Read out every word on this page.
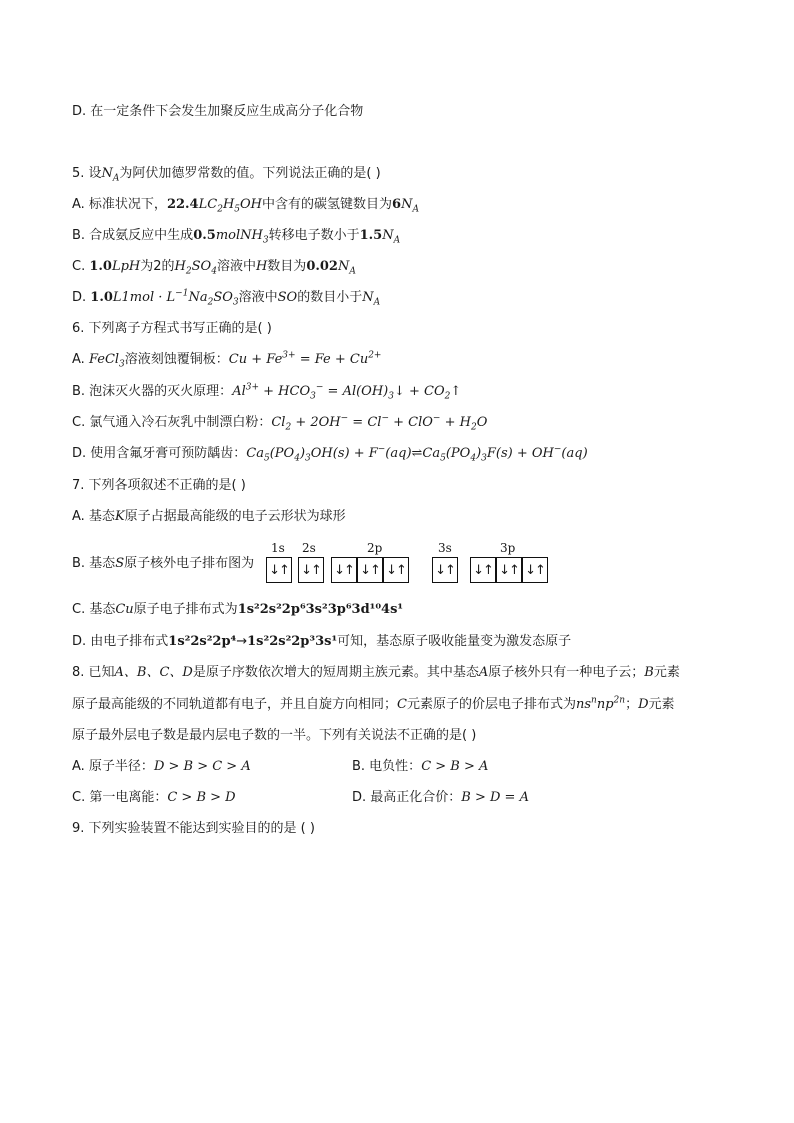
D. 在一定条件下会发生加聚反应生成高分子化合物
5. 设$N_A$为阿伏加德罗常数的值。下列说法正确的是( )
A. 标准状况下，$22.4LC_2H_5OH$中含有的碳氢键数目为$6N_A$
B. 合成氨反应中生成0.5molNH$_3$转移电子数小于$1.5N_A$
C. 1.0LpH为2的$H_2SO_4$溶液中H数目为$0.02N_A$
D. $1.0L1mol \cdot L^{-1}Na_2SO_3$溶液中SO的数目小于$N_A$
6. 下列离子方程式书写正确的是( )
A. FeCl$_3$溶液刻蚀覆铜板：$Cu + Fe^{3+} = Fe + Cu^{2+}$
B. 泡沫灭火器的灭火原理：$Al^{3+} + HCO_3^-$ = $Al(OH)_3↓$ + $CO_2↑$
C. 氯气通入冷石灰乳中制漂白粉：$Cl_2 + 2OH^- = Cl^- + ClO^- + H_2O$
D. 使用含氟牙膏可预防龋齿：$Ca_5(PO_4)_3OH(s)$ + $F^-(aq)\rightleftharpoons Ca_5(PO_4)_3F(s) + OH^-(aq)$
7. 下列各项叙述不正确的是( )
A. 基态K原子占据最高能级的电子云形状为球形
B. 基态S原子核外电子排布图为
1s 2s	2p	3s	3p
↓↑ ↓↑ ↓↑ ↓↑ ↓↑ ↓↑ ↓↑ ↓↑ ↓↑
C. 基态Cu原子电子排布式为1s²2s²2p⁶3s²3p⁶3d¹⁰4s¹
D. 由电子排布式1s²2s²2p⁴→1s²2s²2p³3s¹可知，基态原子吸收能量变为激发态原子
8. 已知A、B、C、D是原子序数依次增大的短周期主族元素。其中基态A原子核外只有一种电子云；B元素
原子最高能级的不同轨道都有电子，并且自旋方向相同；C元素原子的价层电子排布式为$ns^nnp^{2n}$；D元素
原子最外层电子数是最内层电子数的一半。下列有关说法不正确的是( )
A. 原子半径：D > B > C > A	B. 电负性：C > B > A
C. 第一电离能：C > B > D	D. 最高正化合价：B > D = A
9. 下列实验装置不能达到实验目的的是 ( )
